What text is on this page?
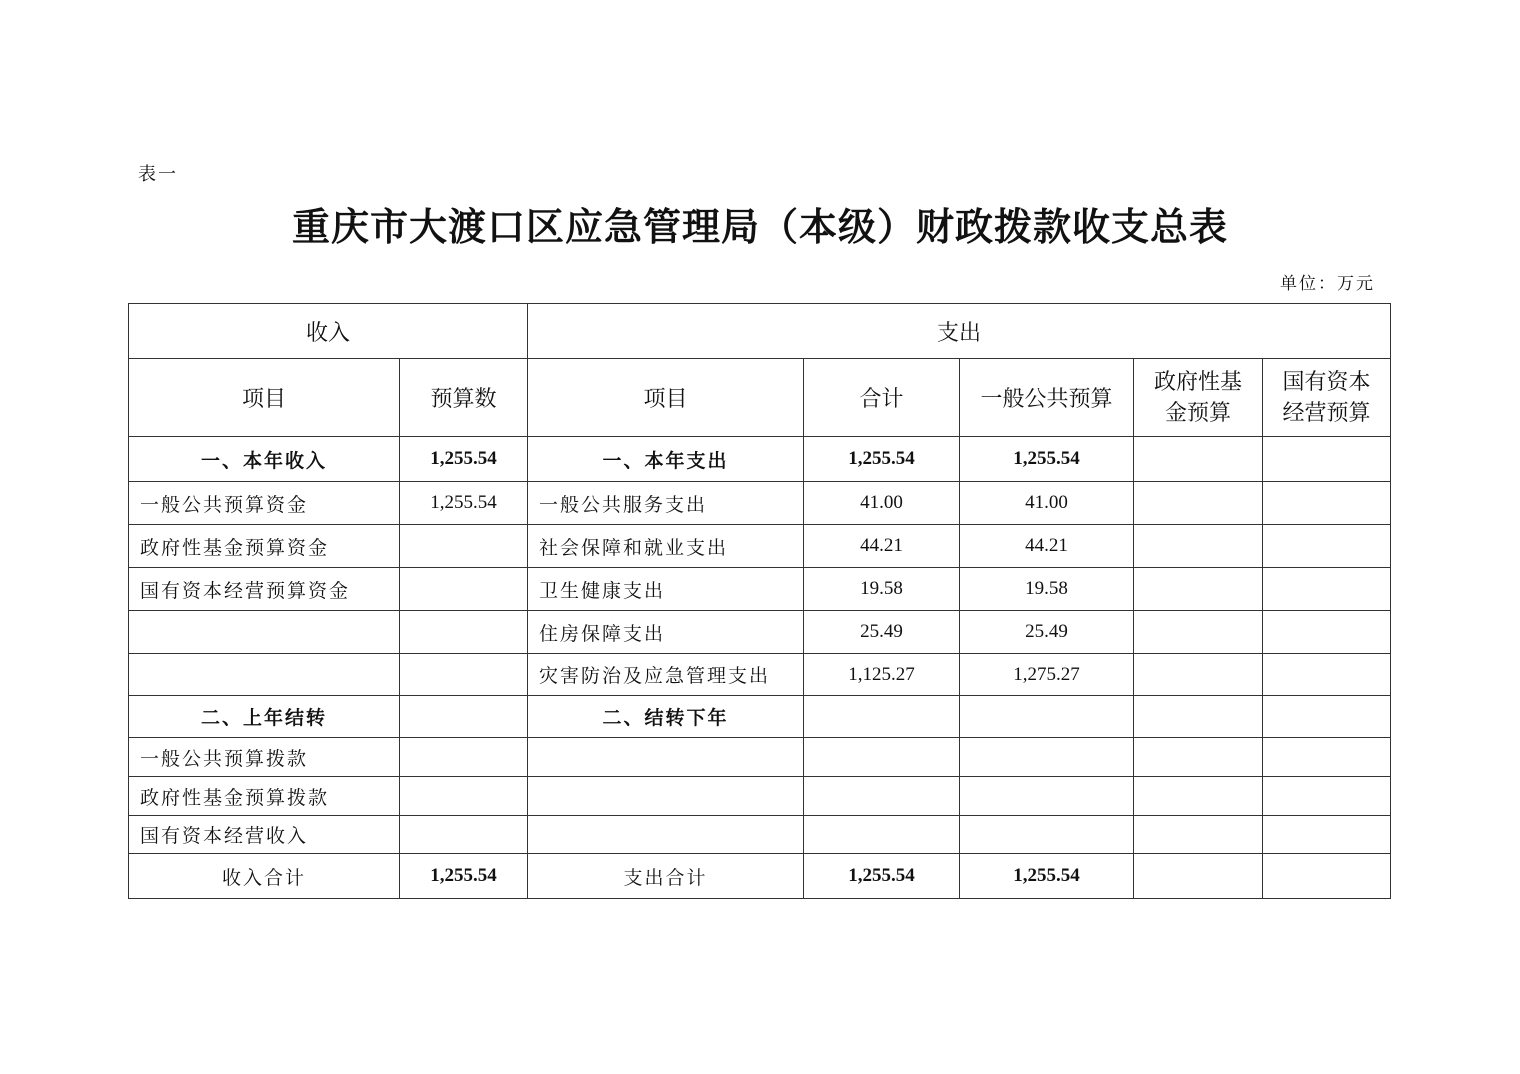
表一
重庆市大渡口区应急管理局（本级）财政拨款收支总表
单位：万元
收入		支出				
项目	预算数	项目	合计	一般公共预算	政府性基
金预算	国有资本
经营预算
一、本年收入	1,255.54	一、本年支出	1,255.54	1,255.54		
一般公共预算资金	1,255.54	一般公共服务支出	41.00	41.00		
政府性基金预算资金		社会保障和就业支出	44.21	44.21		
国有资本经营预算资金		卫生健康支出	19.58	19.58		
		住房保障支出	25.49	25.49		
		灾害防治及应急管理支出	1,125.27	1,275.27		
二、上年结转		二、结转下年				
一般公共预算拨款						
政府性基金预算拨款						
国有资本经营收入						
收入合计	1,255.54	支出合计	1,255.54	1,255.54		
